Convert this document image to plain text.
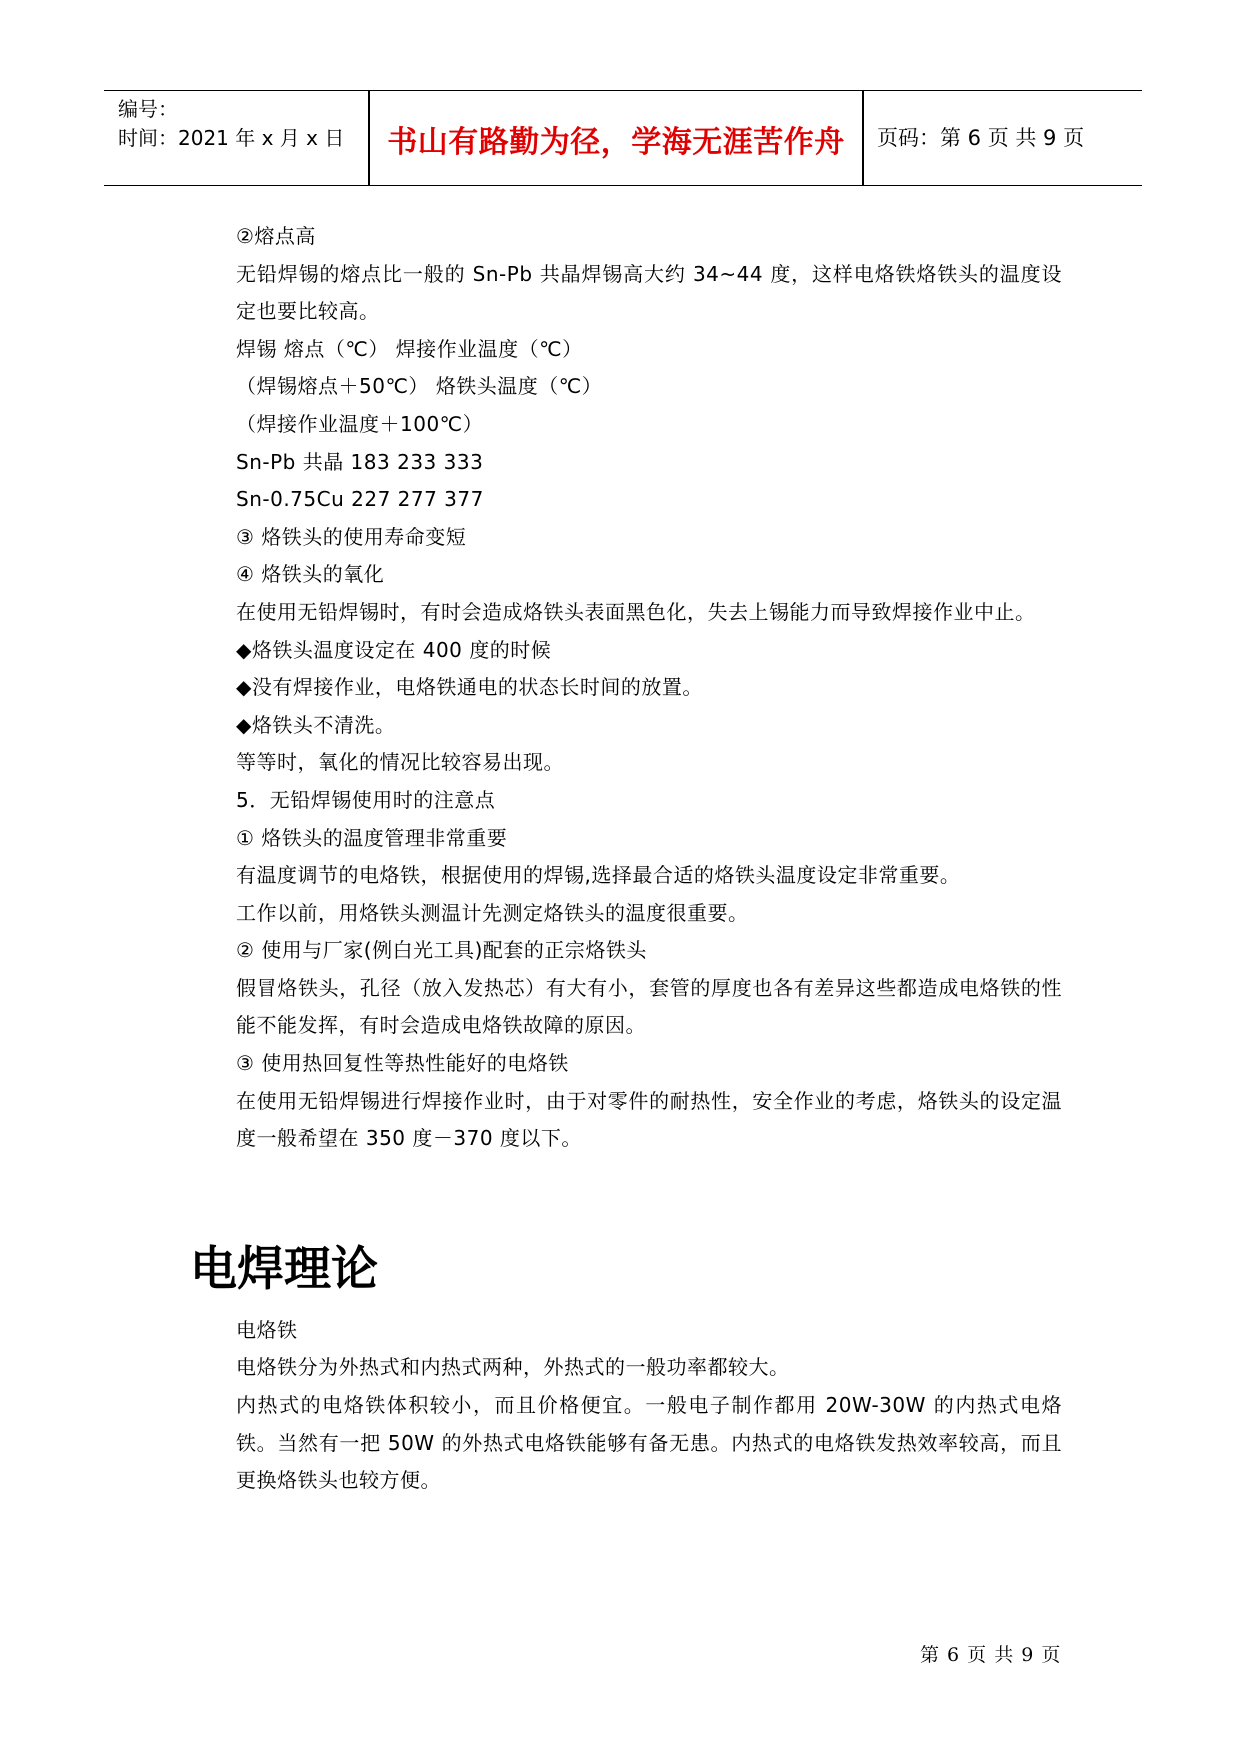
编号：
时间：2021 年 x 月 x 日	书山有路勤为径，学海无涯苦作舟	页码：第 6 页 共 9 页

②熔点高

无铅焊锡的熔点比一般的 Sn-Pb 共晶焊锡高大约 34~44 度，这样电烙铁烙铁头的温度设定也要比较高。

焊锡 熔点（℃） 焊接作业温度（℃）

（焊锡熔点＋50℃） 烙铁头温度（℃）

（焊接作业温度＋100℃）

Sn-Pb 共晶 183 233 333

Sn-0.75Cu 227 277 377

③ 烙铁头的使用寿命变短

④ 烙铁头的氧化

在使用无铅焊锡时，有时会造成烙铁头表面黑色化，失去上锡能力而导致焊接作业中止。

◆烙铁头温度设定在 400 度的时候

◆没有焊接作业，电烙铁通电的状态长时间的放置。

◆烙铁头不清洗。

等等时，氧化的情况比较容易出现。

5．无铅焊锡使用时的注意点

① 烙铁头的温度管理非常重要

有温度调节的电烙铁，根据使用的焊锡,选择最合适的烙铁头温度设定非常重要。

工作以前，用烙铁头测温计先测定烙铁头的温度很重要。

② 使用与厂家(例白光工具)配套的正宗烙铁头

假冒烙铁头，孔径（放入发热芯）有大有小，套管的厚度也各有差异这些都造成电烙铁的性能不能发挥，有时会造成电烙铁故障的原因。

③ 使用热回复性等热性能好的电烙铁

在使用无铅焊锡进行焊接作业时，由于对零件的耐热性，安全作业的考虑，烙铁头的设定温度一般希望在 350 度－370 度以下。

电焊理论

电烙铁

电烙铁分为外热式和内热式两种，外热式的一般功率都较大。

内热式的电烙铁体积较小，而且价格便宜。一般电子制作都用 20W-30W 的内热式电烙铁。当然有一把 50W 的外热式电烙铁能够有备无患。内热式的电烙铁发热效率较高，而且更换烙铁头也较方便。

第 6 页 共 9 页
